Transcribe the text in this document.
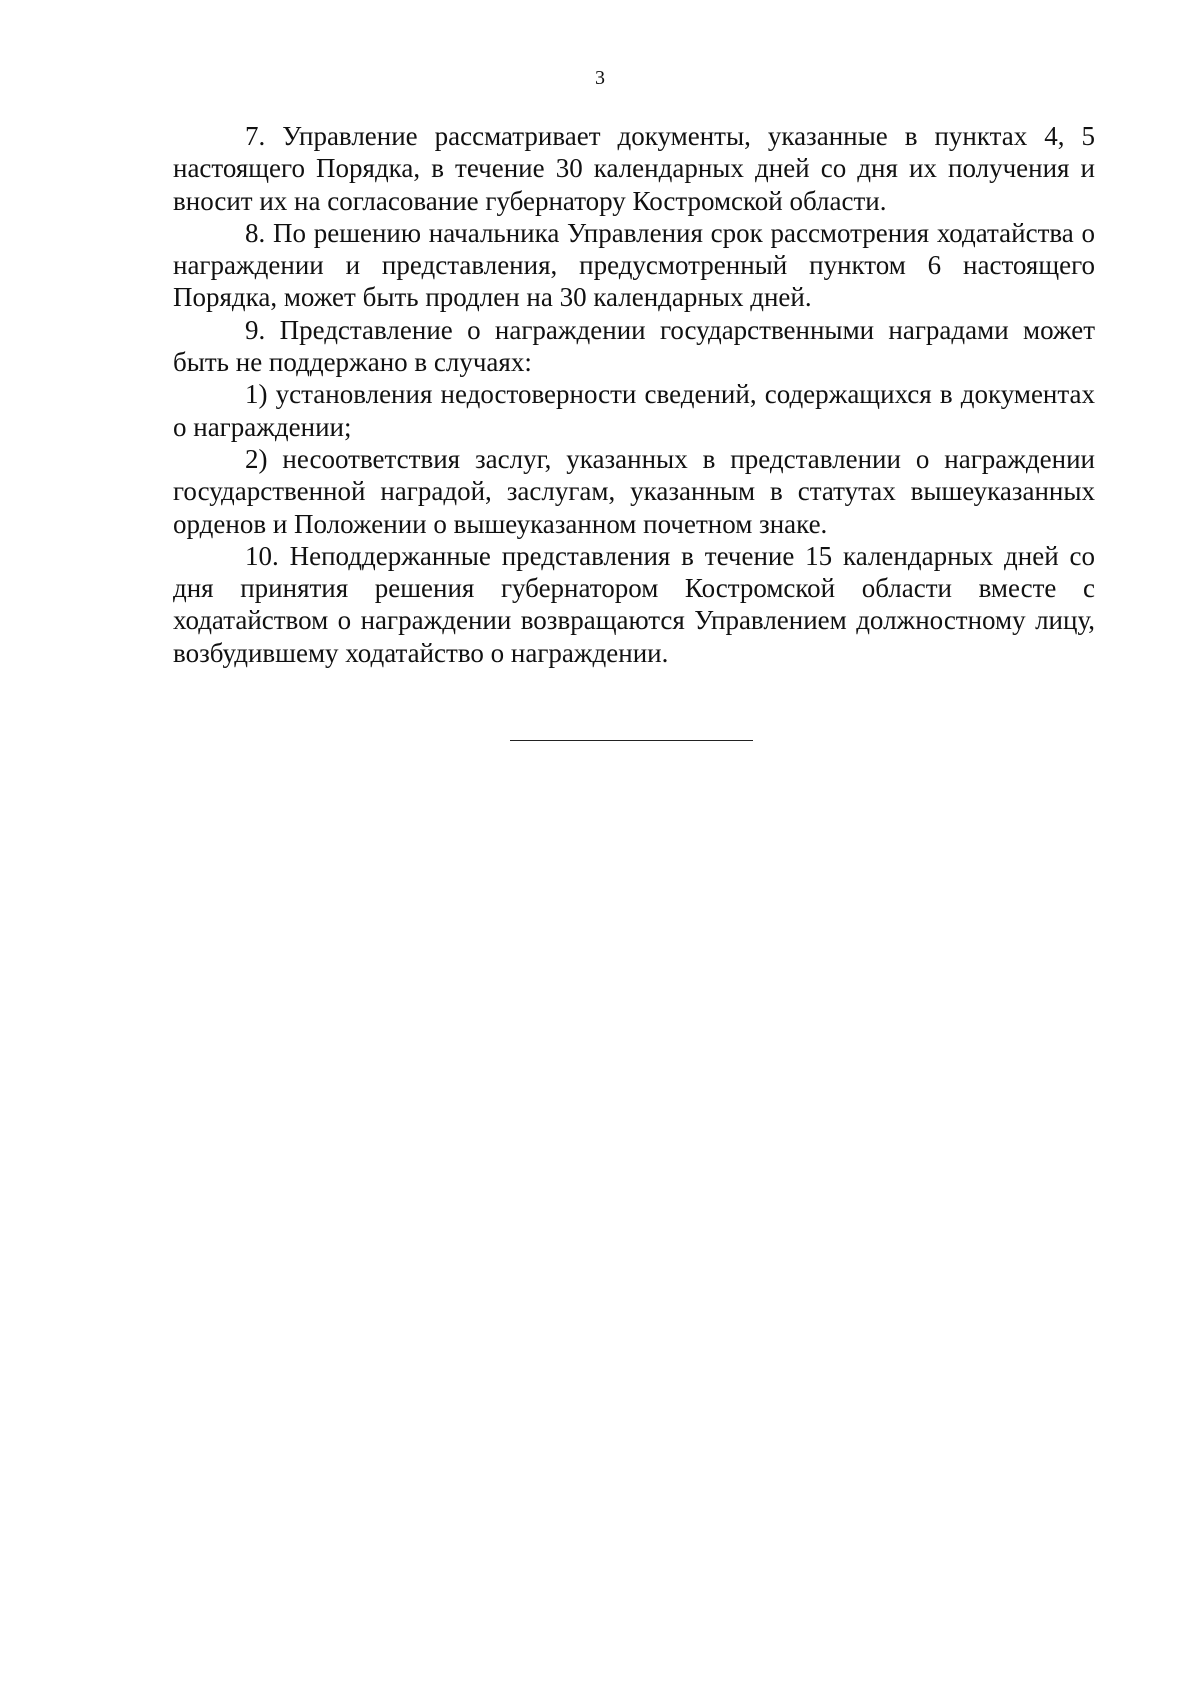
3

7. Управление рассматривает документы, указанные в пунктах 4, 5 настоящего Порядка, в течение 30 календарных дней со дня их получения и вносит их на согласование губернатору Костромской области.

8. По решению начальника Управления срок рассмотрения ходатайства о награждении и представления, предусмотренный пунктом 6 настоящего Порядка, может быть продлен на 30 календарных дней.

9. Представление о награждении государственными наградами может быть не поддержано в случаях:

1) установления недостоверности сведений, содержащихся в документах о награждении;

2) несоответствия заслуг, указанных в представлении о награждении государственной наградой, заслугам, указанным в статутах вышеуказанных орденов и Положении о вышеуказанном почетном знаке.

10. Неподдержанные представления в течение 15 календарных дней со дня принятия решения губернатором Костромской области вместе с ходатайством о награждении возвращаются Управлением должностному лицу, возбудившему ходатайство о награждении.
